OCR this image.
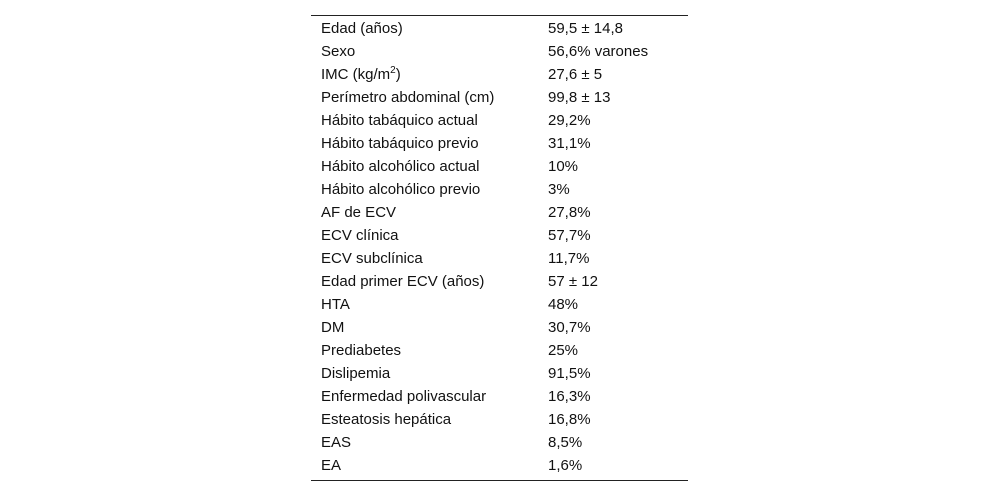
Edad (años)	59,5 ± 14,8
Sexo	56,6% varones
IMC $(kg/m^2)$	27,6 ± 5
Perímetro abdominal (cm)	99,8 ± 13
Hábito tabáquico actual	29,2%
Hábito tabáquico previo	31,1%
Hábito alcohólico actual	10%
Hábito alcohólico previo	3%
AF de ECV	27,8%
ECV clínica	57,7%
ECV subclínica	11,7%
Edad primer ECV (años)	57 ± 12
HTA	48%
DM	30,7%
Prediabetes	25%
Dislipemia	91,5%
Enfermedad polivascular	16,3%
Esteatosis hepática	16,8%
EAS	8,5%
EA	1,6%
